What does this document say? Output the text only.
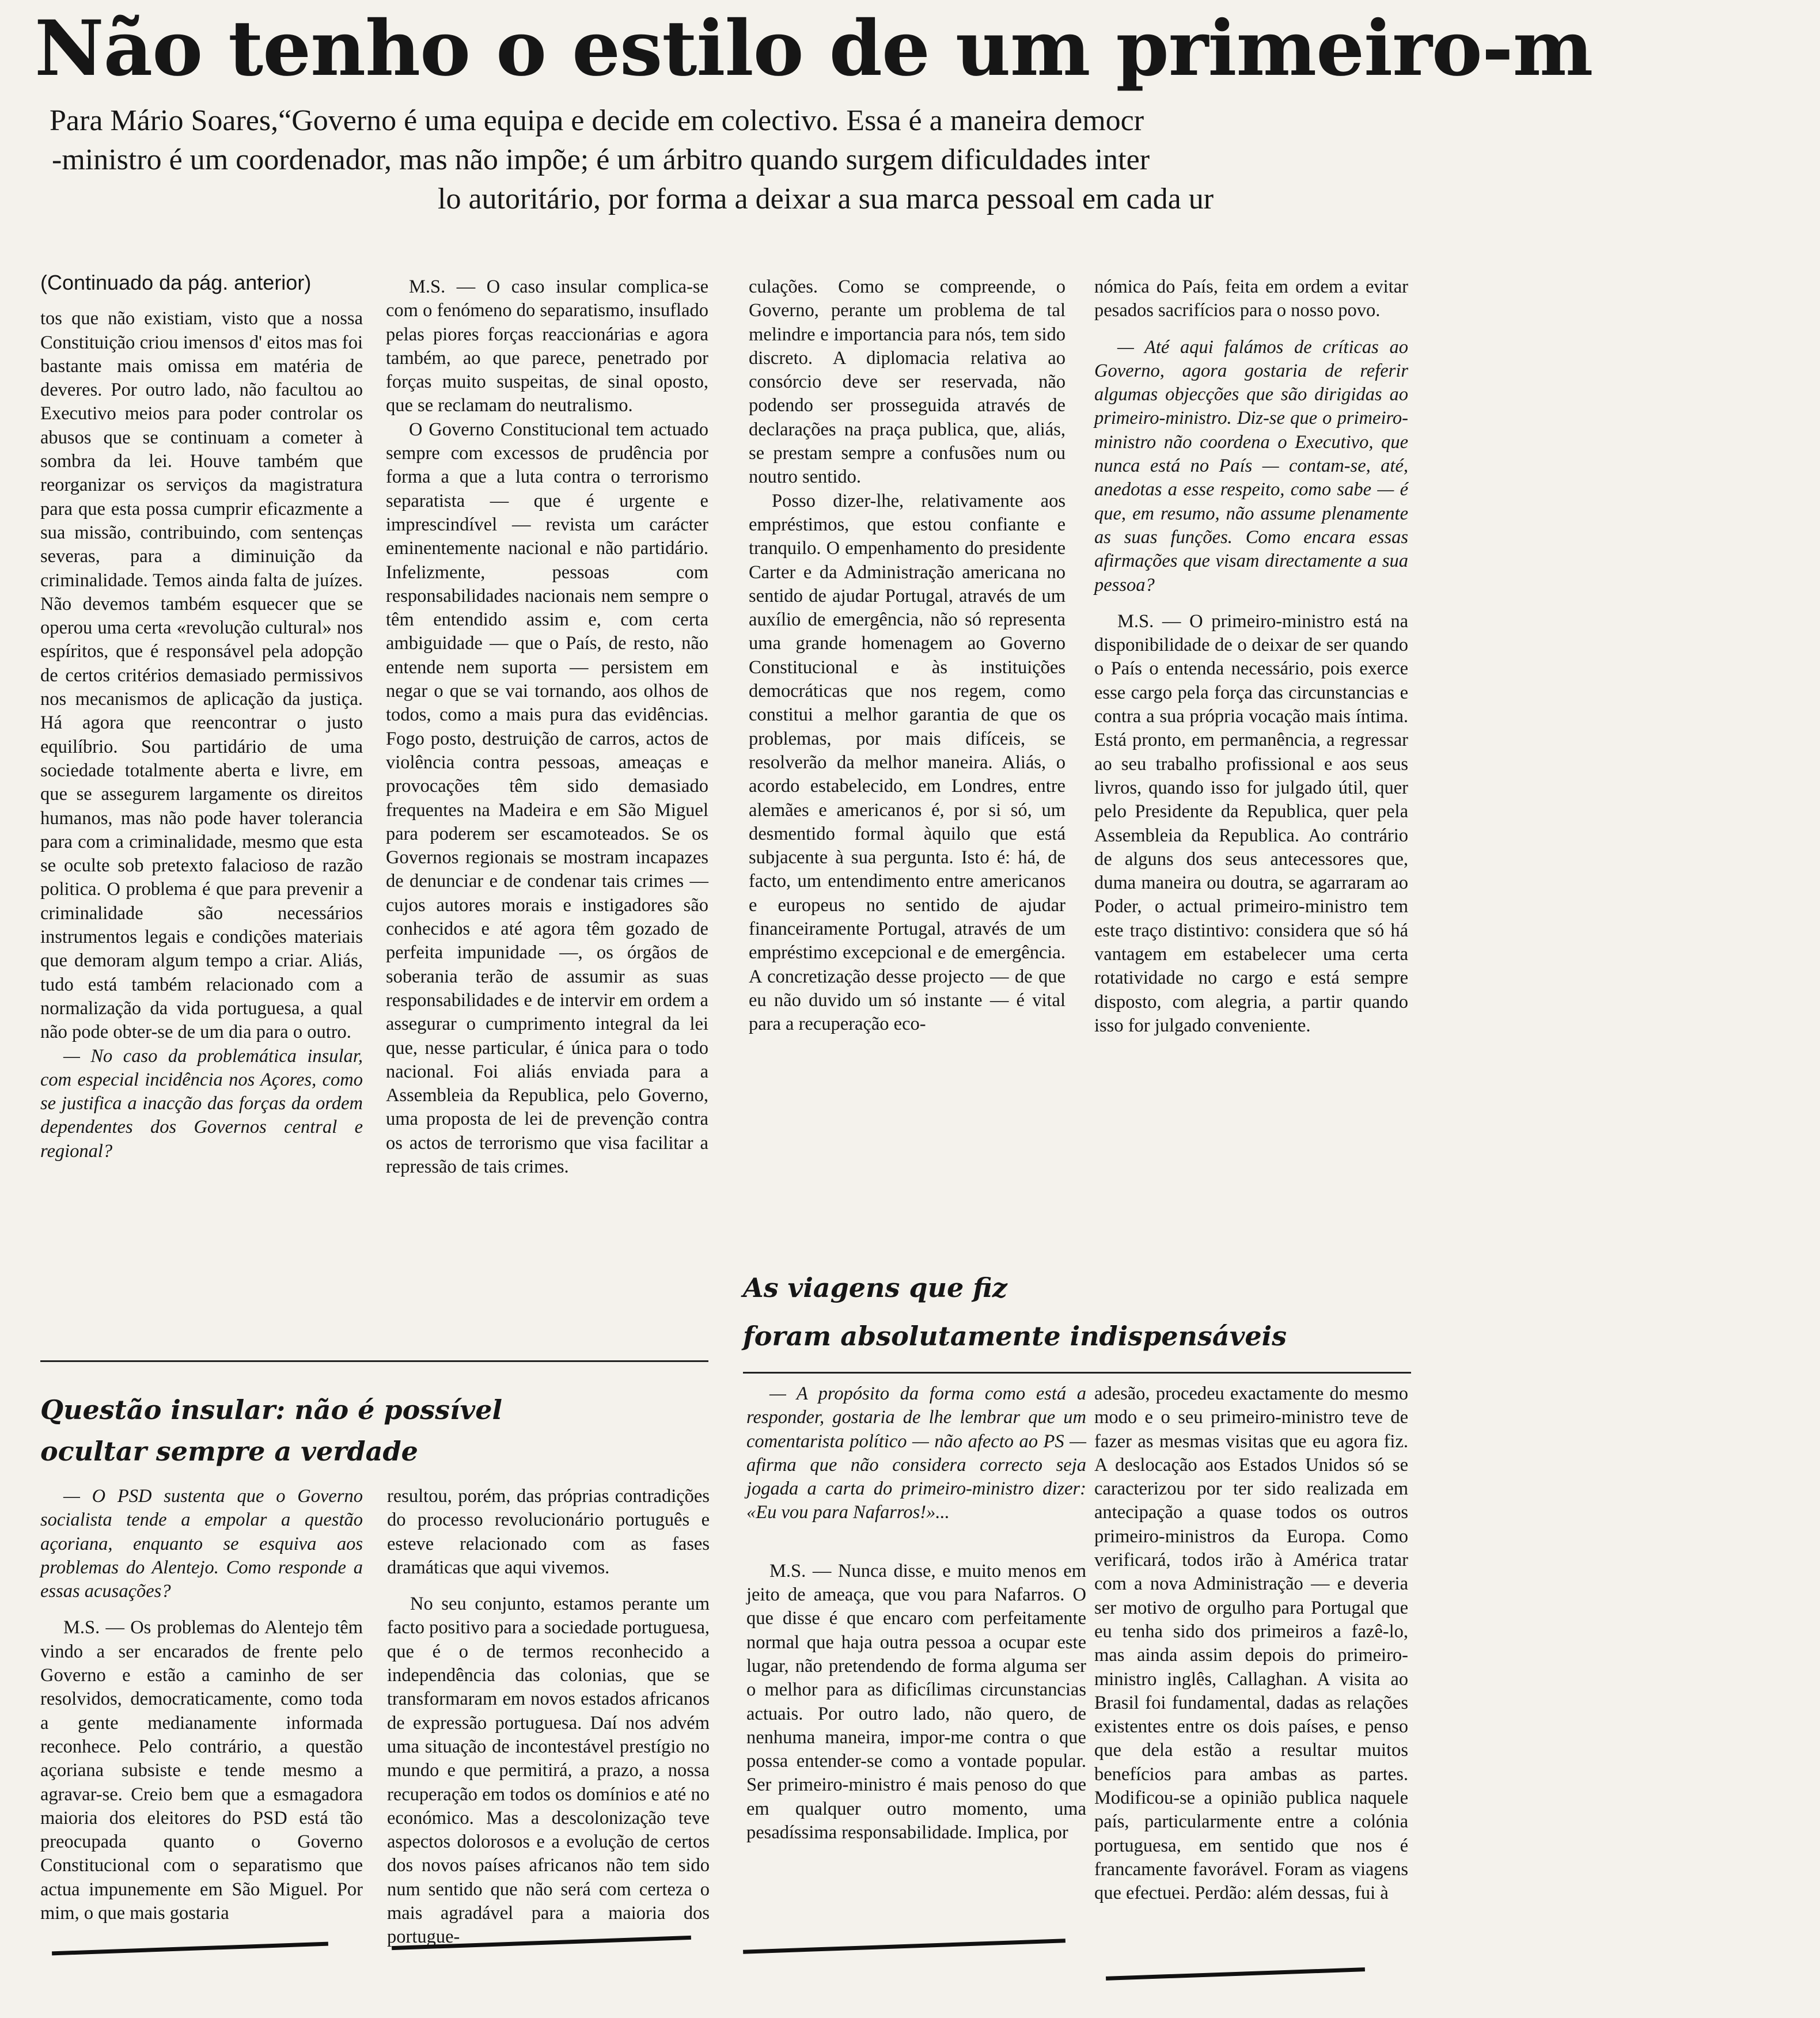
Não tenho o estilo de um primeiro-m
Para Mário Soares,“Governo é uma equipa e decide em colectivo. Essa é a maneira democr
-ministro é um coordenador, mas não impõe; é um árbitro quando surgem dificuldades inter
lo autoritário, por forma a deixar a sua marca pessoal em cada ur
(Continuado da pág. anterior)

tos que não existiam, visto que a nossa Constituição criou imensos d' eitos mas foi bastante mais omissa em matéria de deveres. Por outro lado, não facultou ao Executivo meios para poder controlar os abusos que se continuam a cometer à sombra da lei. Houve também que reorganizar os serviços da magistratura para que esta possa cumprir eficazmente a sua missão, contribuindo, com sentenças severas, para a diminuição da criminalidade. Temos ainda falta de juízes. Não devemos também esquecer que se operou uma certa «revolução cultural» nos espíritos, que é responsável pela adopção de certos critérios demasiado permissivos nos mecanismos de aplicação da justiça. Há agora que reencontrar o justo equilíbrio. Sou partidário de uma sociedade totalmente aberta e livre, em que se assegurem largamente os direitos humanos, mas não pode haver tolerancia para com a criminalidade, mesmo que esta se oculte sob pretexto falacioso de razão politica. O problema é que para prevenir a criminalidade são necessários instrumentos legais e condições materiais que demoram algum tempo a criar. Aliás, tudo está também relacionado com a normalização da vida portuguesa, a qual não pode obter-se de um dia para o outro.

— No caso da problemática insular, com especial incidência nos Açores, como se justifica a inacção das forças da ordem dependentes dos Governos central e regional?

M.S. — O caso insular complica-se com o fenómeno do separatismo, insuflado pelas piores forças reaccionárias e agora também, ao que parece, penetrado por forças muito suspeitas, de sinal oposto, que se reclamam do neutralismo.

O Governo Constitucional tem actuado sempre com excessos de prudência por forma a que a luta contra o terrorismo separatista — que é urgente e imprescindível — revista um carácter eminentemente nacional e não partidário. Infelizmente, pessoas com responsabilidades nacionais nem sempre o têm entendido assim e, com certa ambiguidade — que o País, de resto, não entende nem suporta — persistem em negar o que se vai tornando, aos olhos de todos, como a mais pura das evidências. Fogo posto, destruição de carros, actos de violência contra pessoas, ameaças e provocações têm sido demasiado frequentes na Madeira e em São Miguel para poderem ser escamoteados. Se os Governos regionais se mostram incapazes de denunciar e de condenar tais crimes — cujos autores morais e instigadores são conhecidos e até agora têm gozado de perfeita impunidade —, os órgãos de soberania terão de assumir as suas responsabilidades e de intervir em ordem a assegurar o cumprimento integral da lei que, nesse particular, é única para o todo nacional. Foi aliás enviada para a Assembleia da Republica, pelo Governo, uma proposta de lei de prevenção contra os actos de terrorismo que visa facilitar a repressão de tais crimes.

culações. Como se compreende, o Governo, perante um problema de tal melindre e importancia para nós, tem sido discreto. A diplomacia relativa ao consórcio deve ser reservada, não podendo ser prosseguida através de declarações na praça publica, que, aliás, se prestam sempre a confusões num ou noutro sentido.

Posso dizer-lhe, relativamente aos empréstimos, que estou confiante e tranquilo. O empenhamento do presidente Carter e da Administração americana no sentido de ajudar Portugal, através de um auxílio de emergência, não só representa uma grande homenagem ao Governo Constitucional e às instituições democráticas que nos regem, como constitui a melhor garantia de que os problemas, por mais difíceis, se resolverão da melhor maneira. Aliás, o acordo estabelecido, em Londres, entre alemães e americanos é, por si só, um desmentido formal àquilo que está subjacente à sua pergunta. Isto é: há, de facto, um entendimento entre americanos e europeus no sentido de ajudar financeiramente Portugal, através de um empréstimo excepcional e de emergência. A concretização desse projecto — de que eu não duvido um só instante — é vital para a recuperação eco-

nómica do País, feita em ordem a evitar pesados sacrifícios para o nosso povo.

— Até aqui falámos de críticas ao Governo, agora gostaria de referir algumas objecções que são dirigidas ao primeiro-ministro. Diz-se que o primeiro-ministro não coordena o Executivo, que nunca está no País — contam-se, até, anedotas a esse respeito, como sabe — é que, em resumo, não assume plenamente as suas funções. Como encara essas afirmações que visam directamente a sua pessoa?

M.S. — O primeiro-ministro está na disponibilidade de o deixar de ser quando o País o entenda necessário, pois exerce esse cargo pela força das circunstancias e contra a sua própria vocação mais íntima. Está pronto, em permanência, a regressar ao seu trabalho profissional e aos seus livros, quando isso for julgado útil, quer pelo Presidente da Republica, quer pela Assembleia da Republica. Ao contrário de alguns dos seus antecessores que, duma maneira ou doutra, se agarraram ao Poder, o actual primeiro-ministro tem este traço distintivo: considera que só há vantagem em estabelecer uma certa rotatividade no cargo e está sempre disposto, com alegria, a partir quando isso for julgado conveniente.

As viagens que fiz
foram absolutamente indispensáveis
Questão insular: não é possível
ocultar sempre a verdade

— O PSD sustenta que o Governo socialista tende a empolar a questão açoriana, enquanto se esquiva aos problemas do Alentejo. Como responde a essas acusações?

M.S. — Os problemas do Alentejo têm vindo a ser encarados de frente pelo Governo e estão a caminho de ser resolvidos, democraticamente, como toda a gente medianamente informada reconhece. Pelo contrário, a questão açoriana subsiste e tende mesmo a agravar-se. Creio bem que a esmagadora maioria dos eleitores do PSD está tão preocupada quanto o Governo Constitucional com o separatismo que actua impunemente em São Miguel. Por mim, o que mais gostaria

resultou, porém, das próprias contradições do processo revolucionário português e esteve relacionado com as fases dramáticas que aqui vivemos.

No seu conjunto, estamos perante um facto positivo para a sociedade portuguesa, que é o de termos reconhecido a independência das colonias, que se transformaram em novos estados africanos de expressão portuguesa. Daí nos advém uma situação de incontestável prestígio no mundo e que permitirá, a prazo, a nossa recuperação em todos os domínios e até no económico. Mas a descolonização teve aspectos dolorosos e a evolução de certos dos novos países africanos não tem sido num sentido que não será com certeza o mais agradável para a maioria dos portugue-

— A propósito da forma como está a responder, gostaria de lhe lembrar que um comentarista político — não afecto ao PS — afirma que não considera correcto seja jogada a carta do primeiro-ministro dizer: «Eu vou para Nafarros!»...

M.S. — Nunca disse, e muito menos em jeito de ameaça, que vou para Nafarros. O que disse é que encaro com perfeitamente normal que haja outra pessoa a ocupar este lugar, não pretendendo de forma alguma ser o melhor para as dificílimas circunstancias actuais. Por outro lado, não quero, de nenhuma maneira, impor-me contra o que possa entender-se como a vontade popular. Ser primeiro-ministro é mais penoso do que em qualquer outro momento, uma pesadíssima responsabilidade. Implica, por

adesão, procedeu exactamente do mesmo modo e o seu primeiro-ministro teve de fazer as mesmas visitas que eu agora fiz. A deslocação aos Estados Unidos só se caracterizou por ter sido realizada em antecipação a quase todos os outros primeiro-ministros da Europa. Como verificará, todos irão à América tratar com a nova Administração — e deveria ser motivo de orgulho para Portugal que eu tenha sido dos primeiros a fazê-lo, mas ainda assim depois do primeiro-ministro inglês, Callaghan. A visita ao Brasil foi fundamental, dadas as relações existentes entre os dois países, e penso que dela estão a resultar muitos benefícios para ambas as partes. Modificou-se a opinião publica naquele país, particularmente entre a colónia portuguesa, em sentido que nos é francamente favorável. Foram as viagens que efectuei. Perdão: além dessas, fui à
